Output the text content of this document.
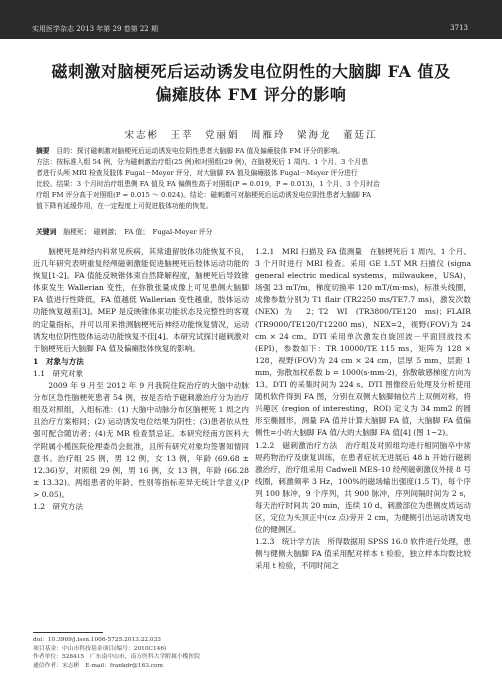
实用医学杂志 2013 年第 29 卷第 22 期	3713
磁刺激对脑梗死后运动诱发电位阴性的大脑脚 FA 值及
偏瘫肢体 FM 评分的影响
宋志彬　王莘　党丽娟　周雁玲　梁海龙　董廷江

摘要　 目的：探讨磁刺激对脑梗死后运动诱发电位阴性患者大脑脚 FA 值及偏瘫肢体 FM 评分的影响。

方法：按标准入组 54 例，分为磁刺激治疗组(25 例)和对照组(29 例)，在脑梗死后 1 周内、1 个月、3 个月患

者进行头颅 MRI 检查及肢体 Fugal－Meyer 评分，对大脑脚 FA 值及偏瘫肢体 Fugal－Meyer 评分进行

比较。结果：3 个月时治疗组患侧 FA 值及 FA 偏侧性高于对照组(P = 0.019，P = 0.013)，1 个月、3 个月时治

疗组 FM 评分高于对照组(P = 0.015 ～ 0.024)。结论：磁刺激可对脑梗死后运动诱发电位阴性患者大脑脚 FA

值下降有延缓作用，在一定程度上可促进肢体功能的恢复。

关键词　 脑梗死；　磁刺激；　FA 值；　Fugal-Meyer 评分

脑梗死是神经内科常见疾病，其常遗留肢体功能恢复不良，近几年研究表明重复经颅磁刺激能促进脑梗死后肢体运动功能的恢复[1-2]。FA 值能反映锥体束自然降解程度，脑梗死后导致锥体束发生 Wallerian 变性，在弥散张量成像上可见患侧大脑脚 FA 值进行性降低，FA 值越低 Wallerian 变性越重，肢体运动功能恢复越差[3]。MEP 是反映锥体束功能状态及完整性的客观的定量指标，并可以用来推测脑梗死后神经功能恢复情况，运动诱发电位阴性肢体运动功能恢复不佳[4]。本研究试探讨磁刺激对于脑梗死后大脑脚 FA 值及偏瘫肢体恢复的影响。

1　对象与方法

1.1　研究对象

2009 年 9 月至 2012 年 9 月我院住院治疗的大脑中动脉分布区急性脑梗死患者 54 例，按是否给予磁刺激治疗分为治疗组及对照组，入组标准：(1) 大脑中动脉分布区脑梗死 1 周之内且治疗方案相同；(2) 运动诱发电位结果为阴性；(3)患者依从性强可配合随访者；(4)无 MR 检查禁忌证。本研究经南方医科大学附属小榄医院伦理委员会批准，且所有研究对象均签署知情同意书。治疗组 25 例，男 12 例，女 13 例，年龄 (69.68 ± 12.36)岁，对照组 29 例，男 16 例，女 13 例，年龄 (66.28 ± 13.32)。两组患者的年龄、性别等指标差异无统计学意义(P > 0.05)。

1.2　研究方法

1.2.1　MRI 扫描及 FA 值测量　在脑梗死后 1 周内、1 个月、3 个月时进行 MRI 检查。采用 GE 1.5T MR 扫描仪 (signa general electric medical systems，milwaukee，USA)，场强 23 mT/m，梯度切换率 120 mT/(m·ms)，标准头线圈，成像参数分别为 T1 flair (TR2250 ms/TE7.7 ms)，激发次数(NEX)为 2；T2 WI (TR3800/TE120 ms)；FLAIR (TR9000/TE120/T12200 ms)，NEX=2，视野(FOV)为 24 cm × 24 cm。DTI 采用单次激发自旋回波－平面回波技术(EPI)，参数如下：TR 10000/TE 115 ms，矩阵为 128 × 128，视野(FOV)为 24 cm × 24 cm，层厚 5 mm，层距 1 mm，弥散加权系数 b = 1000(s·mm-2)，弥散敏感梯度方向为 13。DTI 的采集时间为 224 s。DTI 图像经后处理及分析使用随机软件得到 FA 图，分别在双侧大脑脚轴位片上双侧对称，将兴趣区 (region of interesting，ROI) 定义为 34 mm2 的圆形至椭圆形，测量 FA 值并计算大脑脚 FA 值，大脑脚 FA 值偏侧性=小的大脑脚 FA 值/大的大脑脚 FA 值[4] (图 1~2)。

1.2.2　磁刺激治疗方法　治疗组及对照组均进行相同脑卒中常规药物治疗及康复训练，在患者症状无进展后 48 h 开始行磁刺激治疗，治疗组采用 Cadwell MES-10 经颅磁刺激仪外接 8 号线圈，刺激频率 3 Hz，100%的磁场输出强度(1.5 T)，每个序列 100 脉冲，9 个序列，共 900 脉冲，序列间隔时间为 2 s，每天治疗时间共 20 min，连续 10 d。刺激部位为患侧皮质运动区，定位为头顶正中(cz 点)旁开 2 cm，为健侧引出运动诱发电位的健侧区。

1.2.3　统计学方法　所得数据用 SPSS 16.0 软件进行处理，患侧与健侧大脑脚 FA 值采用配对样本 t 检验，独立样本均数比较采用 t 检验，不同时间之

doi：10.3969/j.issn.1006-5725.2013.22.033
项目基金：中山市科技基金项目(编号：2010C146)
作者单位：528415　广东南中山市，南方医科大学附属小榄医院
通信作者：宋志彬　E-mail：frankdr@163.com
